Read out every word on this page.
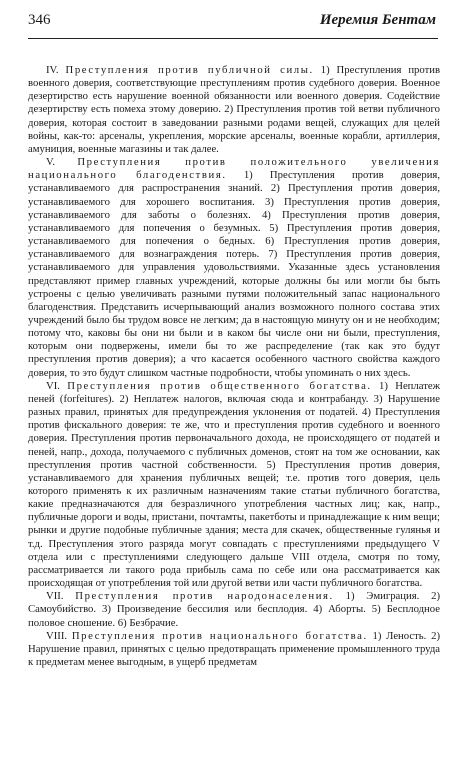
346	Иеремия Бентам

IV. Преступления против публичной силы. 1) Преступления против военного доверия, соответствующие преступлениям против судебного доверия. Военное дезертирство есть нарушение военной обязанности или военного доверия. Содействие дезертирству есть помеха этому доверию. 2) Преступления против той ветви публичного доверия, которая состоит в заведовании разными родами вещей, служащих для целей войны, как-то: арсеналы, укрепления, морские арсеналы, военные корабли, артиллерия, амуниция, военные магазины и так далее.

V. Преступления против положительного увеличения национального благоденствия. 1) Преступления против доверия, устанавливаемого для распространения знаний. 2) Преступления против доверия, устанавливаемого для хорошего воспитания. 3) Преступления против доверия, устанавливаемого для заботы о болезнях. 4) Преступления против доверия, устанавливаемого для попечения о безумных. 5) Преступления против доверия, устанавливаемого для попечения о бедных. 6) Преступления против доверия, устанавливаемого для вознаграждения потерь. 7) Преступления против доверия, устанавливаемого для управления удовольствиями. Указанные здесь установления представляют пример главных учреждений, которые должны бы или могли бы быть устроены с целью увеличивать разными путями положительный запас национального благоденствия. Представить исчерпывающий анализ возможного полного состава этих учреждений было бы трудом вовсе не легким; да в настоящую минуту он и не необходим; потому что, каковы бы они ни были и в каком бы числе они ни были, преступления, которым они подвержены, имели бы то же распределение (так как это будут преступления против доверия); а что касается особенного частного свойства каждого доверия, то это будут слишком частные подробности, чтобы упоминать о них здесь.

VI. Преступления против общественного богатства. 1) Неплатеж пеней (forfeitures). 2) Неплатеж налогов, включая сюда и контрабанду. 3) Нарушение разных правил, принятых для предупреждения уклонения от податей. 4) Преступления против фискального доверия: те же, что и преступления против судебного и военного доверия. Преступления против первоначального дохода, не происходящего от податей и пеней, напр., дохода, получаемого с публичных доменов, стоят на том же основании, как преступления против частной собственности. 5) Преступления против доверия, устанавливаемого для хранения публичных вещей; т.е. против того доверия, цель которого применять к их различным назначениям такие статьи публичного богатства, какие предназначаются для безразличного употребления частных лиц; как, напр., публичные дороги и воды, пристани, почтамты, пакетботы и принадлежащие к ним вещи; рынки и другие подобные публичные здания; места для скачек, общественные гулянья и т.д. Преступления этого разряда могут совпадать с преступлениями предыдущего V отдела или с преступлениями следующего дальше VIII отдела, смотря по тому, рассматривается ли такого рода прибыль сама по себе или она рассматривается как происходящая от употребления той или другой ветви или части публичного богатства.

VII. Преступления против народонаселения. 1) Эмиграция. 2) Самоубийство. 3) Произведение бессилия или бесплодия. 4) Аборты. 5) Бесплодное половое сношение. 6) Безбрачие.

VIII. Преступления против национального богатства. 1) Леность. 2) Нарушение правил, принятых с целью предотвращать применение промышленного труда к предметам менее выгодным, в ущерб предметам
